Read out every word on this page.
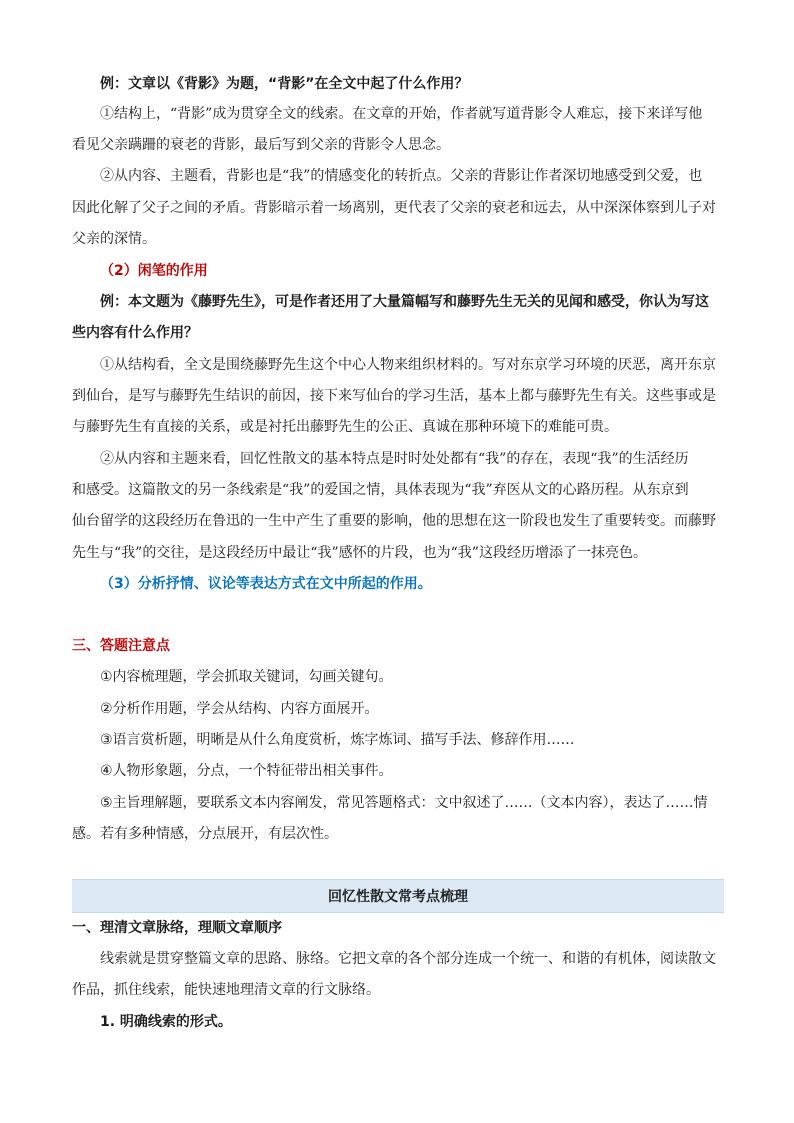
例：文章以《背影》为题，“背影”在全文中起了什么作用？
①结构上，“背影”成为贯穿全文的线索。在文章的开始，作者就写道背影令人难忘，接下来详写他
看见父亲蹒跚的衰老的背影，最后写到父亲的背影令人思念。
②从内容、主题看，背影也是“我”的情感变化的转折点。父亲的背影让作者深切地感受到父爱，也
因此化解了父子之间的矛盾。背影暗示着一场离别，更代表了父亲的衰老和远去，从中深深体察到儿子对
父亲的深情。
（2）闲笔的作用
例：本文题为《藤野先生》，可是作者还用了大量篇幅写和藤野先生无关的见闻和感受，你认为写这
些内容有什么作用？
①从结构看，全文是围绕藤野先生这个中心人物来组织材料的。写对东京学习环境的厌恶，离开东京
到仙台，是写与藤野先生结识的前因，接下来写仙台的学习生活，基本上都与藤野先生有关。这些事或是
与藤野先生有直接的关系，或是衬托出藤野先生的公正、真诚在那种环境下的难能可贵。
②从内容和主题来看，回忆性散文的基本特点是时时处处都有“我”的存在，表现“我”的生活经历
和感受。这篇散文的另一条线索是“我”的爱国之情，具体表现为“我”弃医从文的心路历程。从东京到
仙台留学的这段经历在鲁迅的一生中产生了重要的影响，他的思想在这一阶段也发生了重要转变。而藤野
先生与“我”的交往，是这段经历中最让“我”感怀的片段，也为“我”这段经历增添了一抹亮色。
（3）分析抒情、议论等表达方式在文中所起的作用。
三、答题注意点
①内容梳理题，学会抓取关键词，勾画关键句。
②分析作用题，学会从结构、内容方面展开。
③语言赏析题，明晰是从什么角度赏析，炼字炼词、描写手法、修辞作用……
④人物形象题，分点，一个特征带出相关事件。
⑤主旨理解题，要联系文本内容阐发，常见答题格式：文中叙述了……（文本内容），表达了……情
感。若有多种情感，分点展开，有层次性。
回忆性散文常考点梳理
一、理清文章脉络，理顺文章顺序
线索就是贯穿整篇文章的思路、脉络。它把文章的各个部分连成一个统一、和谐的有机体，阅读散文
作品，抓住线索，能快速地理清文章的行文脉络。
1. 明确线索的形式。
